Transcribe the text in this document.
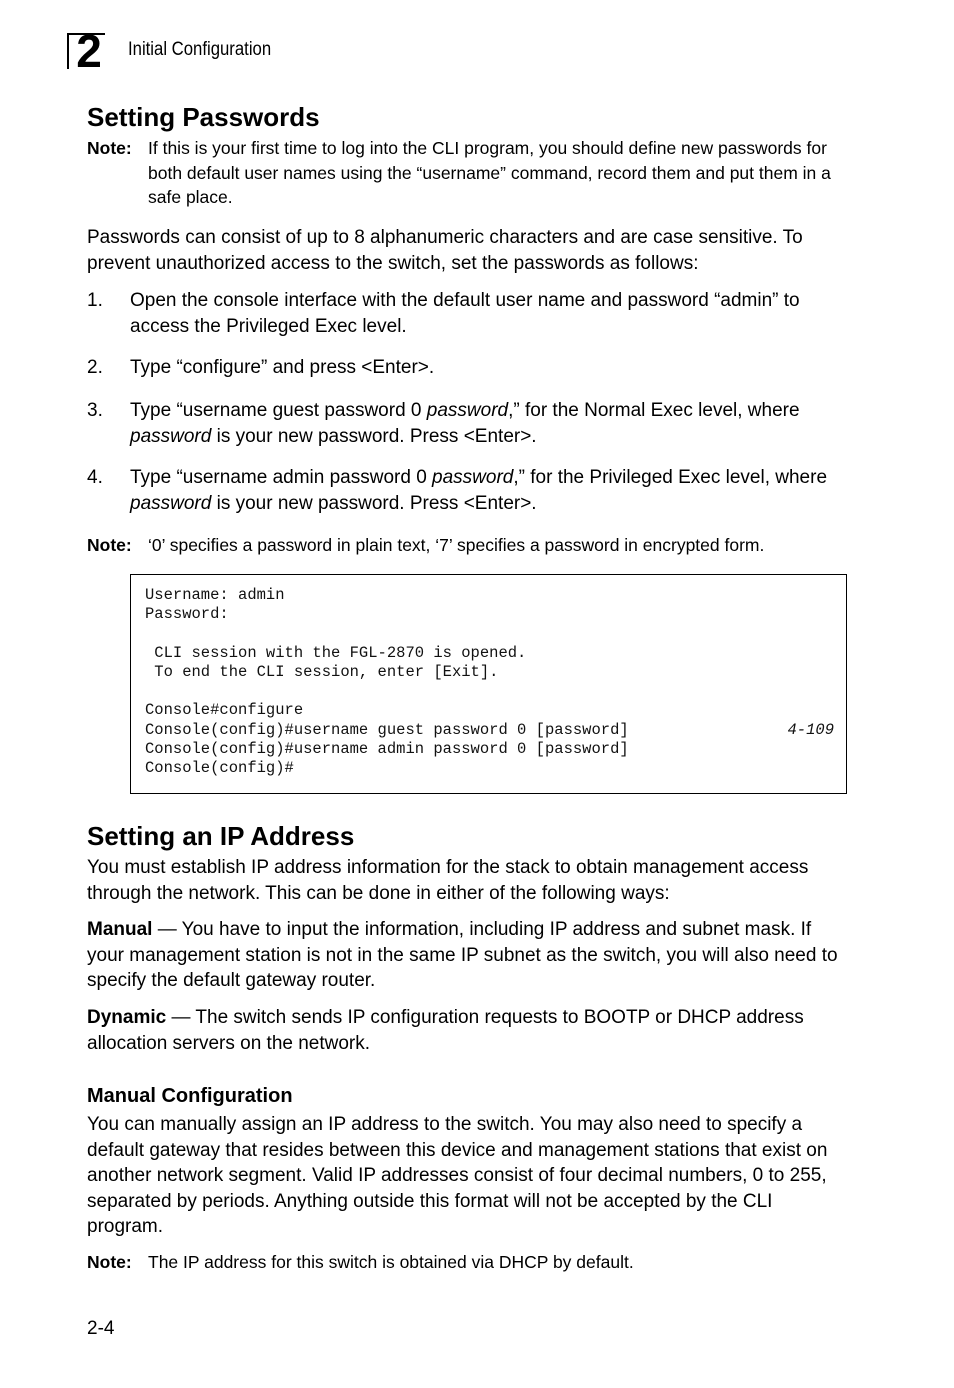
2	Initial Configuration
Setting Passwords
Note: If this is your first time to log into the CLI program, you should define new passwords for both default user names using the “username” command, record them and put them in a safe place.

Passwords can consist of up to 8 alphanumeric characters and are case sensitive. To prevent unauthorized access to the switch, set the passwords as follows:

1.	Open the console interface with the default user name and password “admin” to access the Privileged Exec level.
2.	Type “configure” and press <Enter>.
3.	Type “username guest password 0 password,” for the Normal Exec level, where password is your new password. Press <Enter>.
4.	Type “username admin password 0 password,” for the Privileged Exec level, where password is your new password. Press <Enter>.
Note: ‘0’ specifies a password in plain text, ‘7’ specifies a password in encrypted form.
Username: admin
Password:
CLI session with the FGL-2870 is opened.
To end the CLI session, enter [Exit].
Console#configure
Console(config)#username guest password 0 [password]	4-109
Console(config)#username admin password 0 [password]
Console(config)#
Setting an IP Address

You must establish IP address information for the stack to obtain management access through the network. This can be done in either of the following ways:

Manual — You have to input the information, including IP address and subnet mask. If your management station is not in the same IP subnet as the switch, you will also need to specify the default gateway router.

Dynamic — The switch sends IP configuration requests to BOOTP or DHCP address allocation servers on the network.

Manual Configuration

You can manually assign an IP address to the switch. You may also need to specify a default gateway that resides between this device and management stations that exist on another network segment. Valid IP addresses consist of four decimal numbers, 0 to 255, separated by periods. Anything outside this format will not be accepted by the CLI program.

Note: The IP address for this switch is obtained via DHCP by default.
2-4
